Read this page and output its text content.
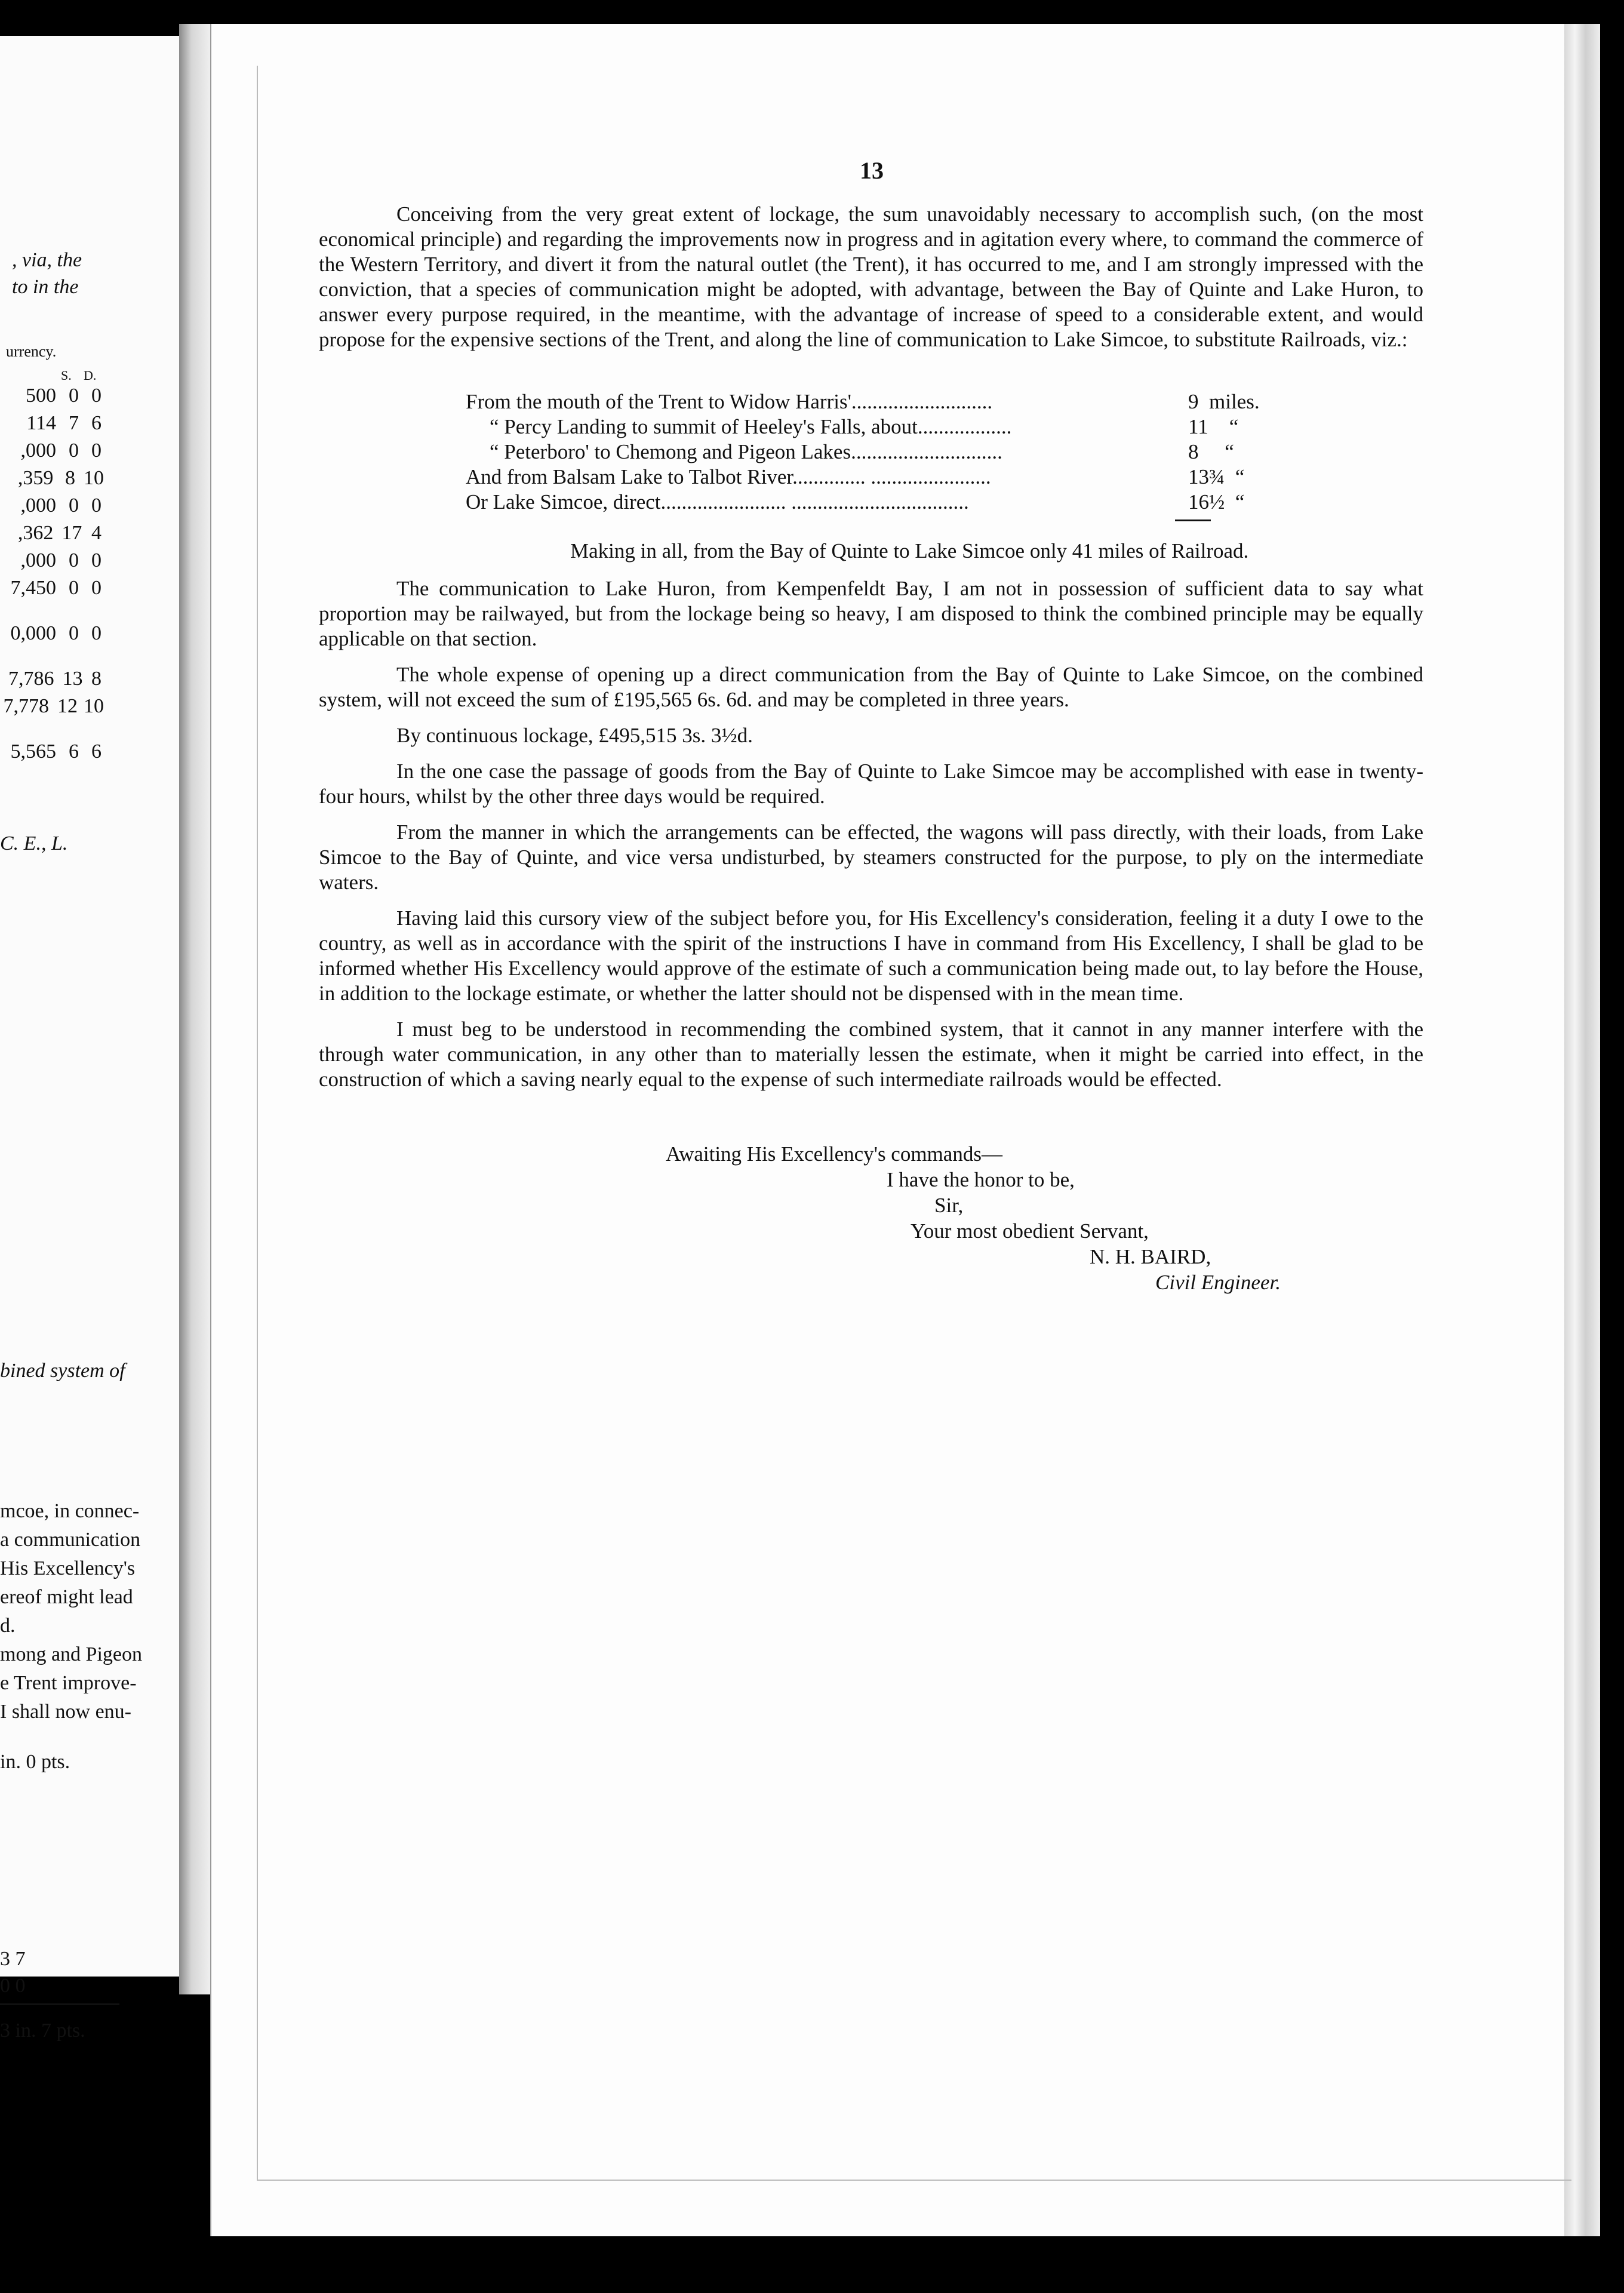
, via, the
to in the
urrency.
S. D.
500 0 0
114 7 6
,000 0 0
,359 8 10
,000 0 0
,362 17 4
,000 0 0
7,450 0 0
0,000 0 0
7,786 13 8
7,778 12 10
5,565 6 6
C. E., L.
bined system of
mcoe, in connec-
a communication
His Excellency's
ereof might lead
d.
mong and Pigeon
e Trent improve-
I shall now enu-
in. 0 pts.
3 7
0 0
3 in. 7 pts.
13

Conceiving from the very great extent of lockage, the sum unavoidably necessary to accomplish such, (on the most economical principle) and regarding the improvements now in progress and in agitation every where, to command the commerce of the Western Territory, and divert it from the natural outlet (the Trent), it has occurred to me, and I am strongly impressed with the conviction, that a species of communication might be adopted, with advantage, between the Bay of Quinte and Lake Huron, to answer every purpose required, in the meantime, with the advantage of increase of speed to a considerable extent, and would propose for the expensive sections of the Trent, and along the line of communication to Lake Simcoe, to substitute Railroads, viz.:

From the mouth of the Trent to Widow Harris'...........................	9 miles.
“ Percy Landing to summit of Heeley's Falls, about..................	11 “
“ Peterboro' to Chemong and Pigeon Lakes.............................	8 “
And from Balsam Lake to Talbot River.............. .......................	13¾ “
Or Lake Simcoe, direct........................ ..................................	16½ “
Making in all, from the Bay of Quinte to Lake Simcoe only 41 miles of Railroad.

The communication to Lake Huron, from Kempenfeldt Bay, I am not in possession of sufficient data to say what proportion may be railwayed, but from the lockage being so heavy, I am disposed to think the combined principle may be equally applicable on that section.

The whole expense of opening up a direct communication from the Bay of Quinte to Lake Simcoe, on the combined system, will not exceed the sum of £195,565 6s. 6d. and may be completed in three years.

By continuous lockage, £495,515 3s. 3½d.

In the one case the passage of goods from the Bay of Quinte to Lake Simcoe may be accomplished with ease in twenty-four hours, whilst by the other three days would be required.

From the manner in which the arrangements can be effected, the wagons will pass directly, with their loads, from Lake Simcoe to the Bay of Quinte, and vice versa undisturbed, by steamers constructed for the purpose, to ply on the intermediate waters.

Having laid this cursory view of the subject before you, for His Excellency's consideration, feeling it a duty I owe to the country, as well as in accordance with the spirit of the instructions I have in command from His Excellency, I shall be glad to be informed whether His Excellency would approve of the estimate of such a communication being made out, to lay before the House, in addition to the lockage estimate, or whether the latter should not be dispensed with in the mean time.

I must beg to be understood in recommending the combined system, that it cannot in any manner interfere with the through water communication, in any other than to materially lessen the estimate, when it might be carried into effect, in the construction of which a saving nearly equal to the expense of such intermediate railroads would be effected.

Awaiting His Excellency's commands—
I have the honor to be,
Sir,
Your most obedient Servant,
N. H. BAIRD,
Civil Engineer.
